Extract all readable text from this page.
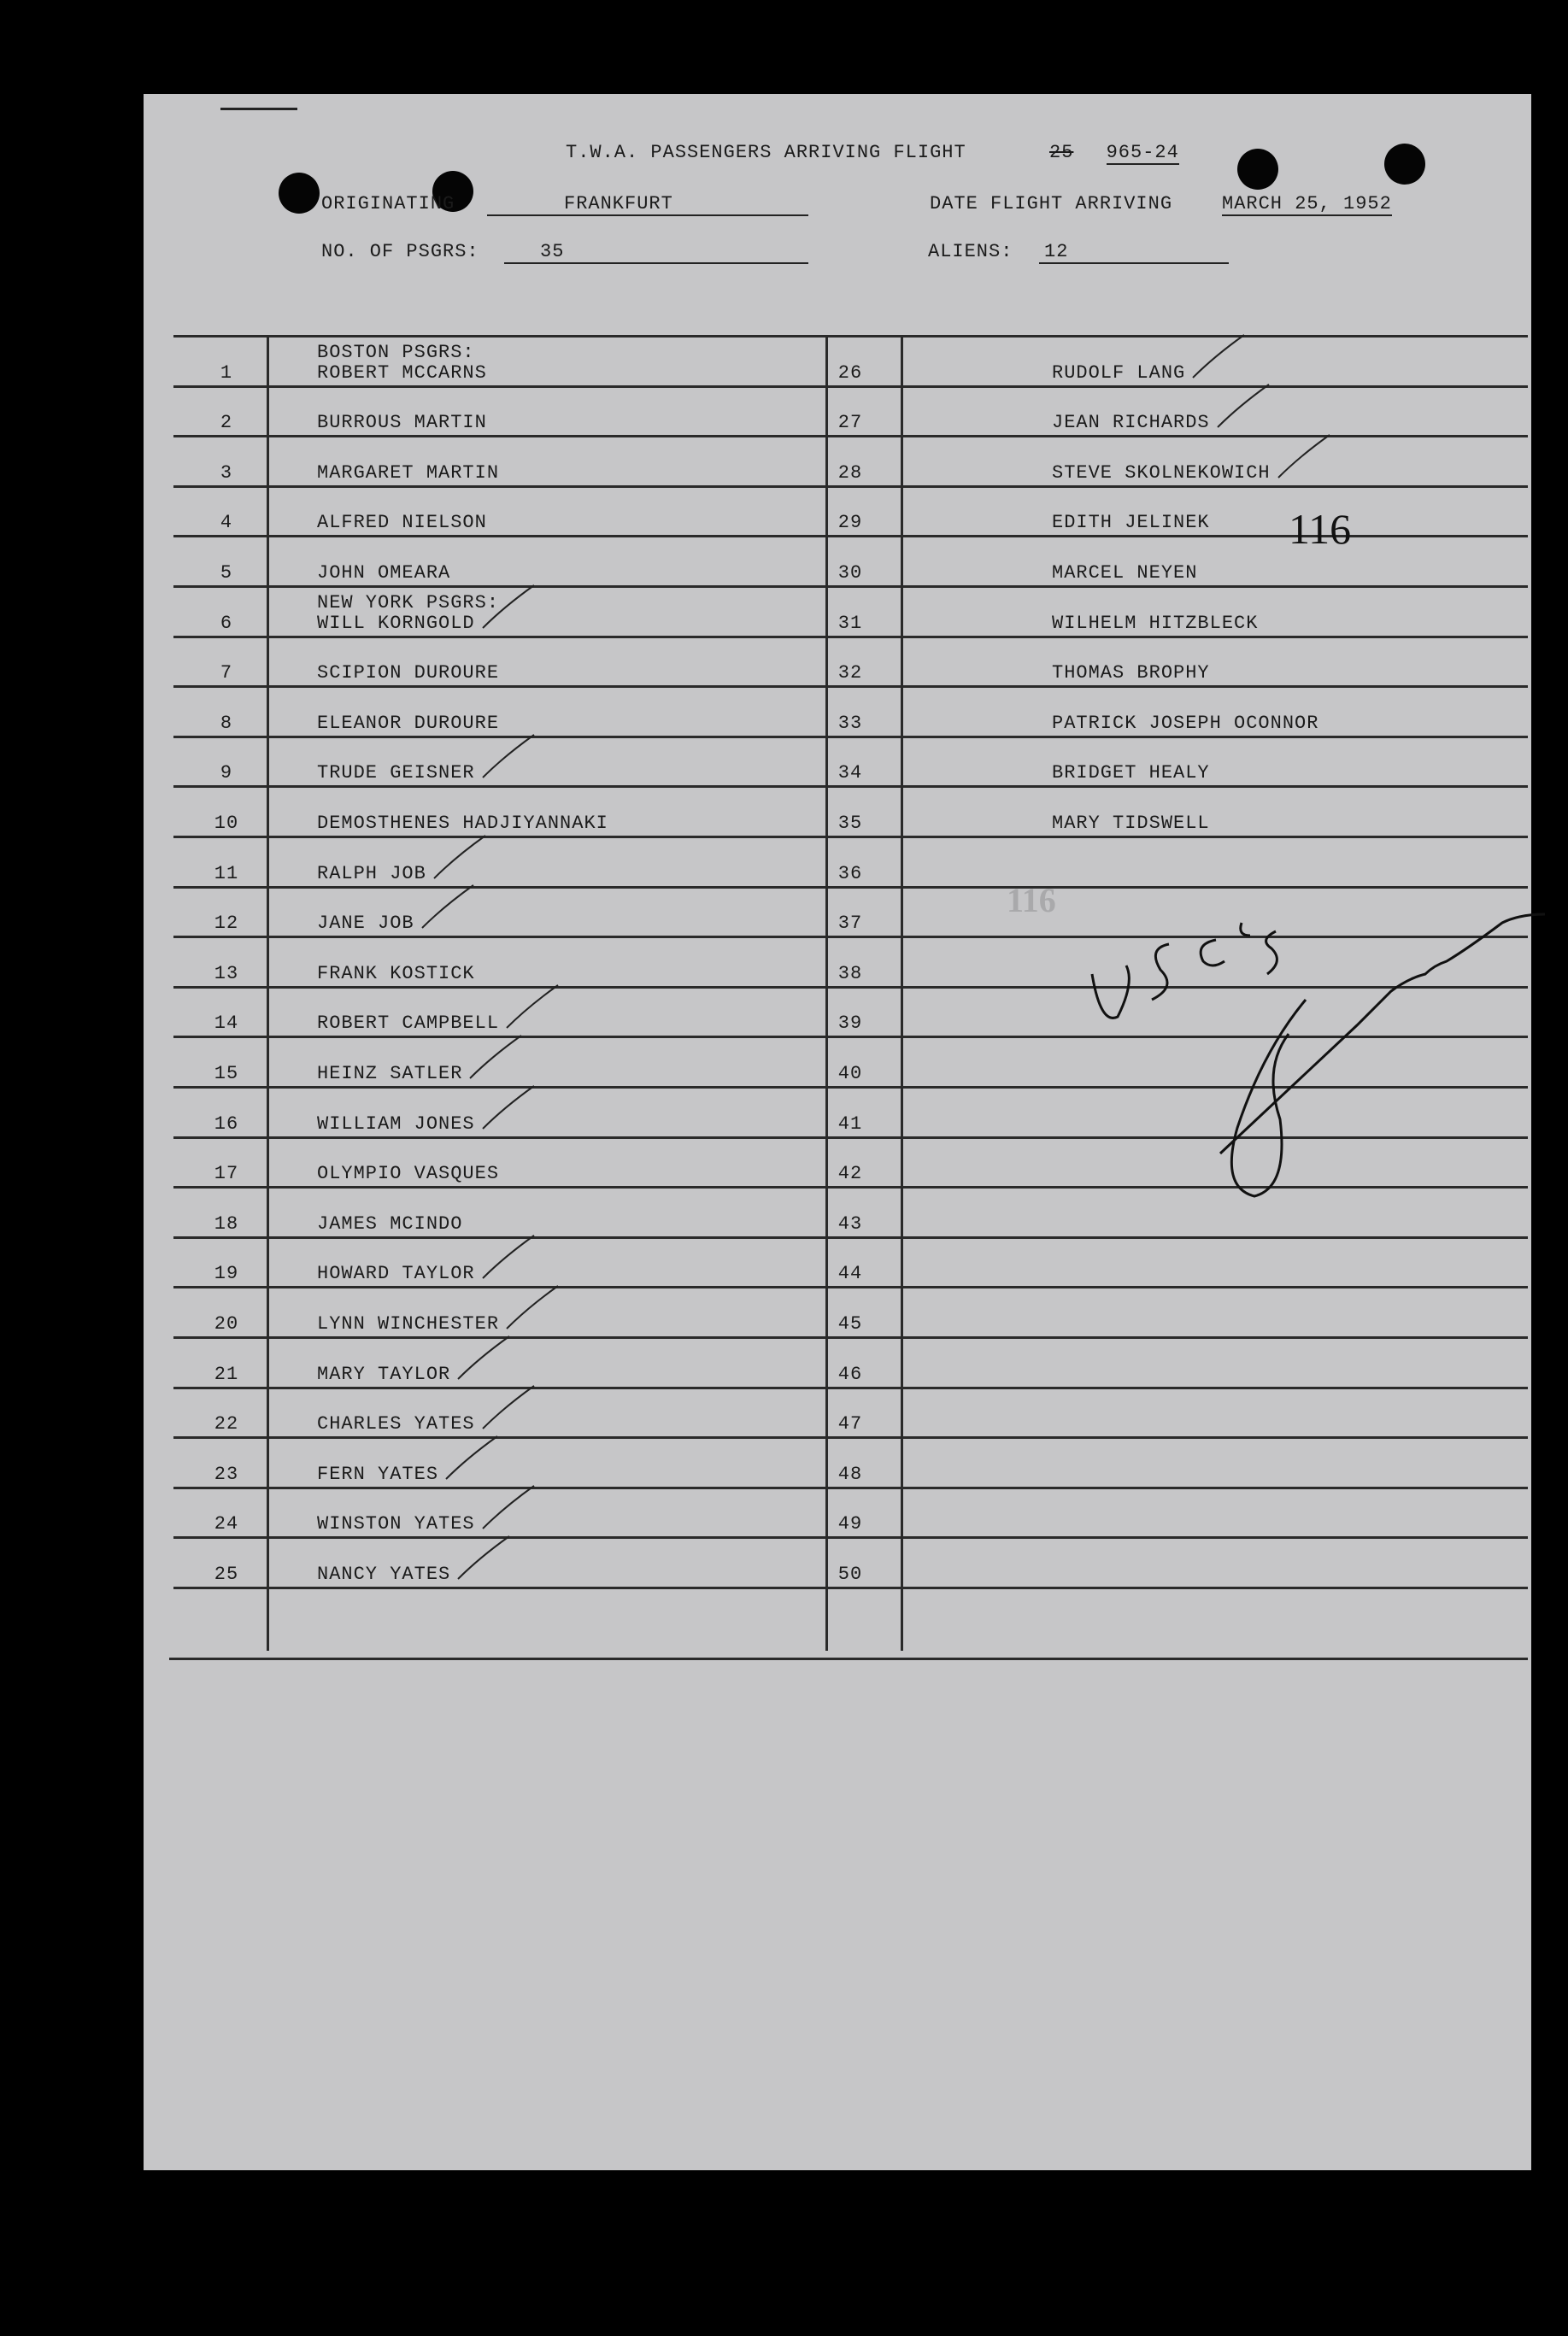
T.W.A. PASSENGERS ARRIVING FLIGHT	25 965-24
ORIGINATING	FRANKFURT	DATE FLIGHT ARRIVING	MARCH 25, 1952
NO. OF PSGRS:	35	ALIENS: 12
BOSTON PSGRS:
1	ROBERT MCCARNS	26	RUDOLF LANG
2	BURROUS MARTIN	27	JEAN RICHARDS
3	MARGARET MARTIN	28	STEVE SKOLNEKOWICH
4	ALFRED NIELSON	29	EDITH JELINEK
5	JOHN OMEARA	30	MARCEL NEYEN
NEW YORK PSGRS:
6	WILL KORNGOLD	31	WILHELM HITZBLECK
7	SCIPION DUROURE	32	THOMAS BROPHY
8	ELEANOR DUROURE	33	PATRICK JOSEPH OCONNOR
9	TRUDE GEISNER	34	BRIDGET HEALY
10	DEMOSTHENES HADJIYANNAKI	35	MARY TIDSWELL
11	RALPH JOB	36
12	JANE JOB	37
13	FRANK KOSTICK	38
14	ROBERT CAMPBELL	39
15	HEINZ SATLER	40
16	WILLIAM JONES	41
17	OLYMPIO VASQUES	42
18	JAMES MCINDO	43
19	HOWARD TAYLOR	44
20	LYNN WINCHESTER	45
21	MARY TAYLOR	46
22	CHARLES YATES	47
23	FERN YATES	48
24	WINSTON YATES	49
25	NANCY YATES	50
116
116
